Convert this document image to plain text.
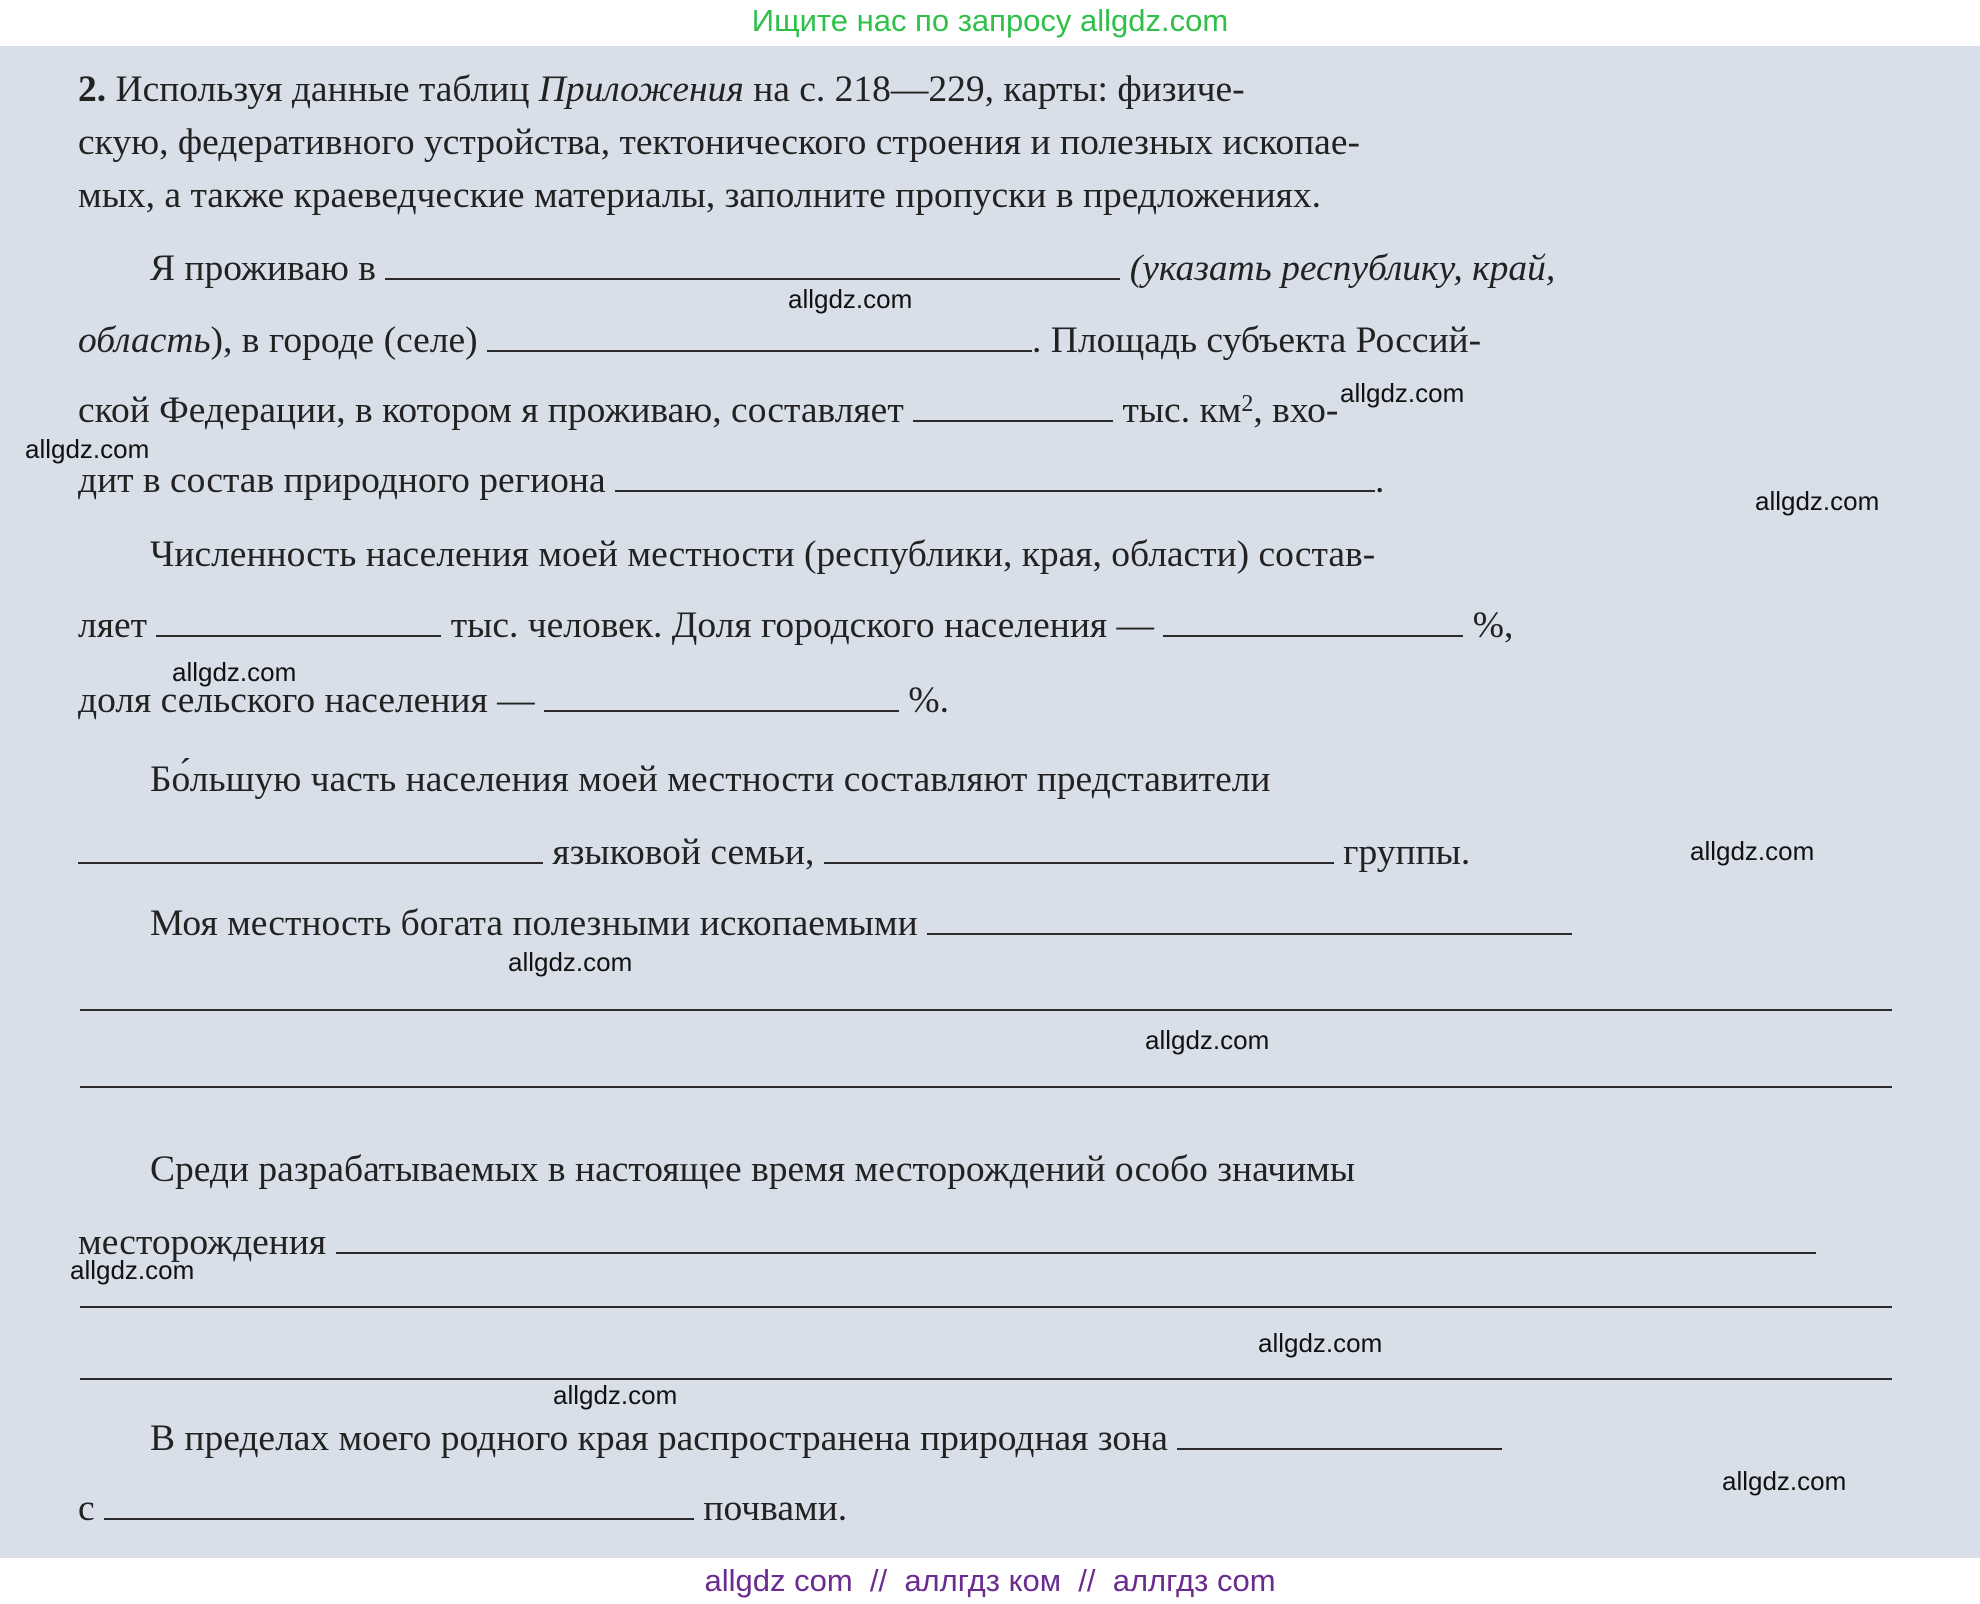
Ищите нас по запросу allgdz.com
2. Используя данные таблиц Приложения на с. 218—229, карты: физиче-
скую, федеративного устройства, тектонического строения и полезных ископае-
мых, а также краеведческие материалы, заполните пропуски в предложениях.
Я проживаю в	(указать республику, край,
область), в городе (селе)	. Площадь субъекта Россий-
ской Федерации, в котором я проживаю, составляет	тыс. $км^2$, вхо-
дит в состав природного региона	.
Численность населения моей местности (республики, края, области) состав-
ляет	тыс. человек. Доля городского населения —	%,
доля сельского населения —	%.
Бо́льшую часть населения моей местности составляют представители
языковой семьи,	группы.
Моя местность богата полезными ископаемыми
Среди разрабатываемых в настоящее время месторождений особо значимы
месторождения
В пределах моего родного края распространена природная зона
с	почвами.
allgdz.com
allgdz.com
allgdz.com
allgdz.com
allgdz.com
allgdz.com
allgdz.com
allgdz.com
allgdz.com
allgdz.com
allgdz.com
allgdz.com
allgdz com  //  аллгдз ком  //  аллгдз com
